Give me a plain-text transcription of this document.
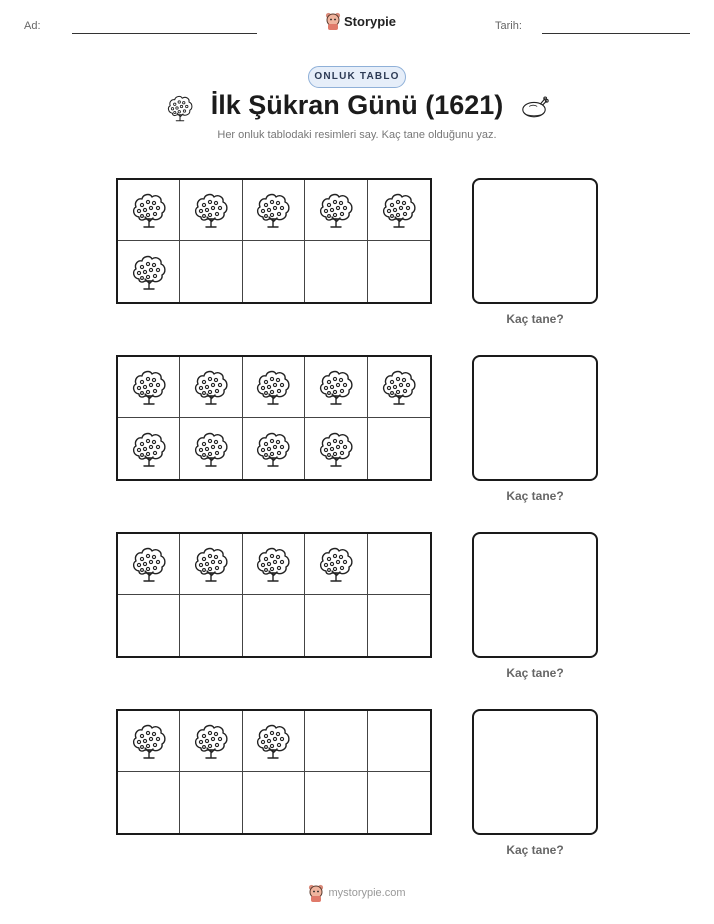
Ad:	Storypie	Tarih:
ONLUK TABLO
İlk Şükran Günü (1621)
Her onluk tablodaki resimleri say. Kaç tane olduğunu yaz.
Kaç tane?
Kaç tane?
Kaç tane?
Kaç tane?
mystorypie.com
